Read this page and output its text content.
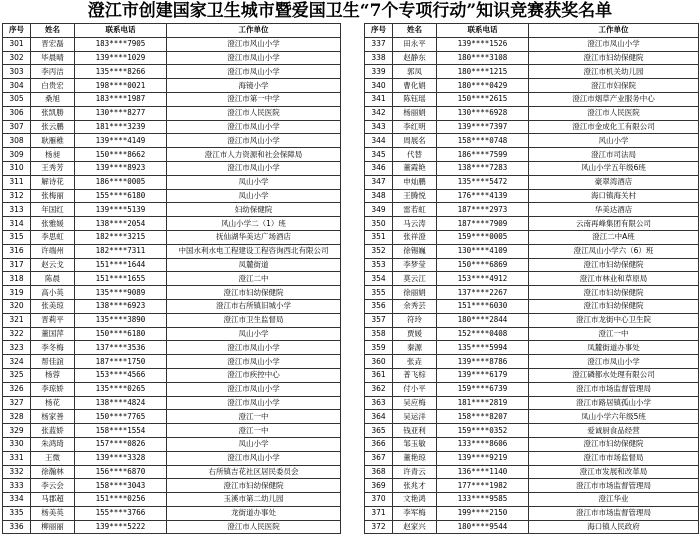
澄江市创建国家卫生城市暨爱国卫生“7个专项行动”知识竞赛获奖名单
序号	姓名	联系电话	工作单位
301	晋宏磊	183****7905	澄江市风山小学
302	毕晨晴	139****1029	澄江市凤山小学
303	李丙洁	135****8266	澄江市凤山小学
304	白贵宏	198****0021	海镜小学
305	桑旭	183****1987	澄江市第一中学
306	张凯勝	130****8277	澄江市人民医院
307	张云鹏	181****3239	澄江市凤山小学
308	耿雁稚	139****4149	澄江市风山小学
309	杨昶	150****8662	澄江市人力资源和社会保障局
310	王秀芳	139****8923	澄江市凤山小学
311	解诗花	186****0005	凤山小学
312	张梅丽	155****6180	凤山小学
313	年国红	139****5139	妇幼保健院
314	张雅媛	138****2054	风山小学二（1）班
315	李思虹	182****3215	抚仙湖华美达广场酒店
316	许端州	182****7311	中国水利水电工程建设工程咨询西北有限公司
317	赵云戈	151****1644	凤麓街道
318	陈晨	151****1655	澄江二中
319	高小英	135****9089	澄江市妇幼保健院
320	张美琼	138****6923	澄江市右所镇旧城小学
321	晋莉平	135****3890	澄江市卫生监督局
322	董国萍	150****6180	凤山小学
323	李冬梅	137****3536	澄江市凤山小学
324	帮佳誼	187****1750	澄江市凤山小学
325	杨蓉	153****4566	澄江市疾控中心
326	李琼娇	135****0265	澄江市凤山小学
327	杨花	138****4824	澄江市凤山小学
328	杨家善	150****7765	澄江一中
329	张蓝娇	158****1554	澄江一中
330	朱鸿琦	157****0826	凤山小学
331	王微	139****3328	澄江市风山小学
332	徐瀚林	156****6870	右所镇吉花社区居民委员会
333	李云会	158****3043	澄江市妇幼保健院
334	马郡超	151****0256	玉溪市第二幼儿园
335	杨美英	155****3766	龙街道办事处
336	柳丽丽	139****5222	澄江市人民医院
序号	姓名	联系电话	工作单位
337	田永平	139****1526	澄江市凤山小学
338	赵静东	180****3108	澄江市妇幼保健院
339	郭凤	180****1215	澄江市机关幼儿园
340	曹化娟	180****0429	澄江市妇保院
341	陈钰瑶	150****2615	澄江市烟草产业服务中心
342	杨丽娟	130****6928	澄江市人民医院
343	李红明	139****7397	澄江市金成化工有限公司
344	周展名	158****0748	风山小学
345	代替	186****7599	澄江市司法局
346	董霞艳	138****7283	风山小学五年级6班
347	申灿鹏	135****5472	豪翠湾酒店
348	王腾悦	176****4139	海口镇海关村
349	雷若虹	187****2973	华美达酒店
350	马云涛	187****7909	云南再峰集团有限公司
351	张祥澄	159****0005	澄江二中A班
352	徐锡巍	130****4109	澄江凤山小学六（6）班
353	李梦莹	150****6869	澄江市妇幼保健院
354	莫云江	153****4912	澄江市林业和草原局
355	徐丽娟	137****2267	澄江市妇幼保健院
356	余秀芸	151****6030	澄江市妇幼保健院
357	符玲	180****2844	澄江市龙街中心卫生院
358	贾媛	152****0408	澄江一中
359	秦源	135****5994	凤麓街道办事处
360	张垚	139****8786	澄江市凤山小学
361	普飞棕	139****6179	澄江磷都水处理有限公司
362	付小平	159****6739	澄江市市场监督管理局
363	吴应梅	181****2819	澄江市路居镇孤山小学
364	吴运洋	158****8207	凤山小学六年级5班
365	钱亚利	159****0352	爱诚厨食品经营
366	邹玉敏	133****8606	澄江市妇幼保健院
367	董艳琼	139****9219	澄江市市场监督局
368	许青云	136****1140	澄江市发展和改革局
369	张兆才	177****1982	澄江市市场监督管理局
370	文艳鸿	133****9585	澄江华业
371	李军梅	199****2150	澄江市市场监督管理局
372	赵家兴	180****9544	海口镇人民政府
